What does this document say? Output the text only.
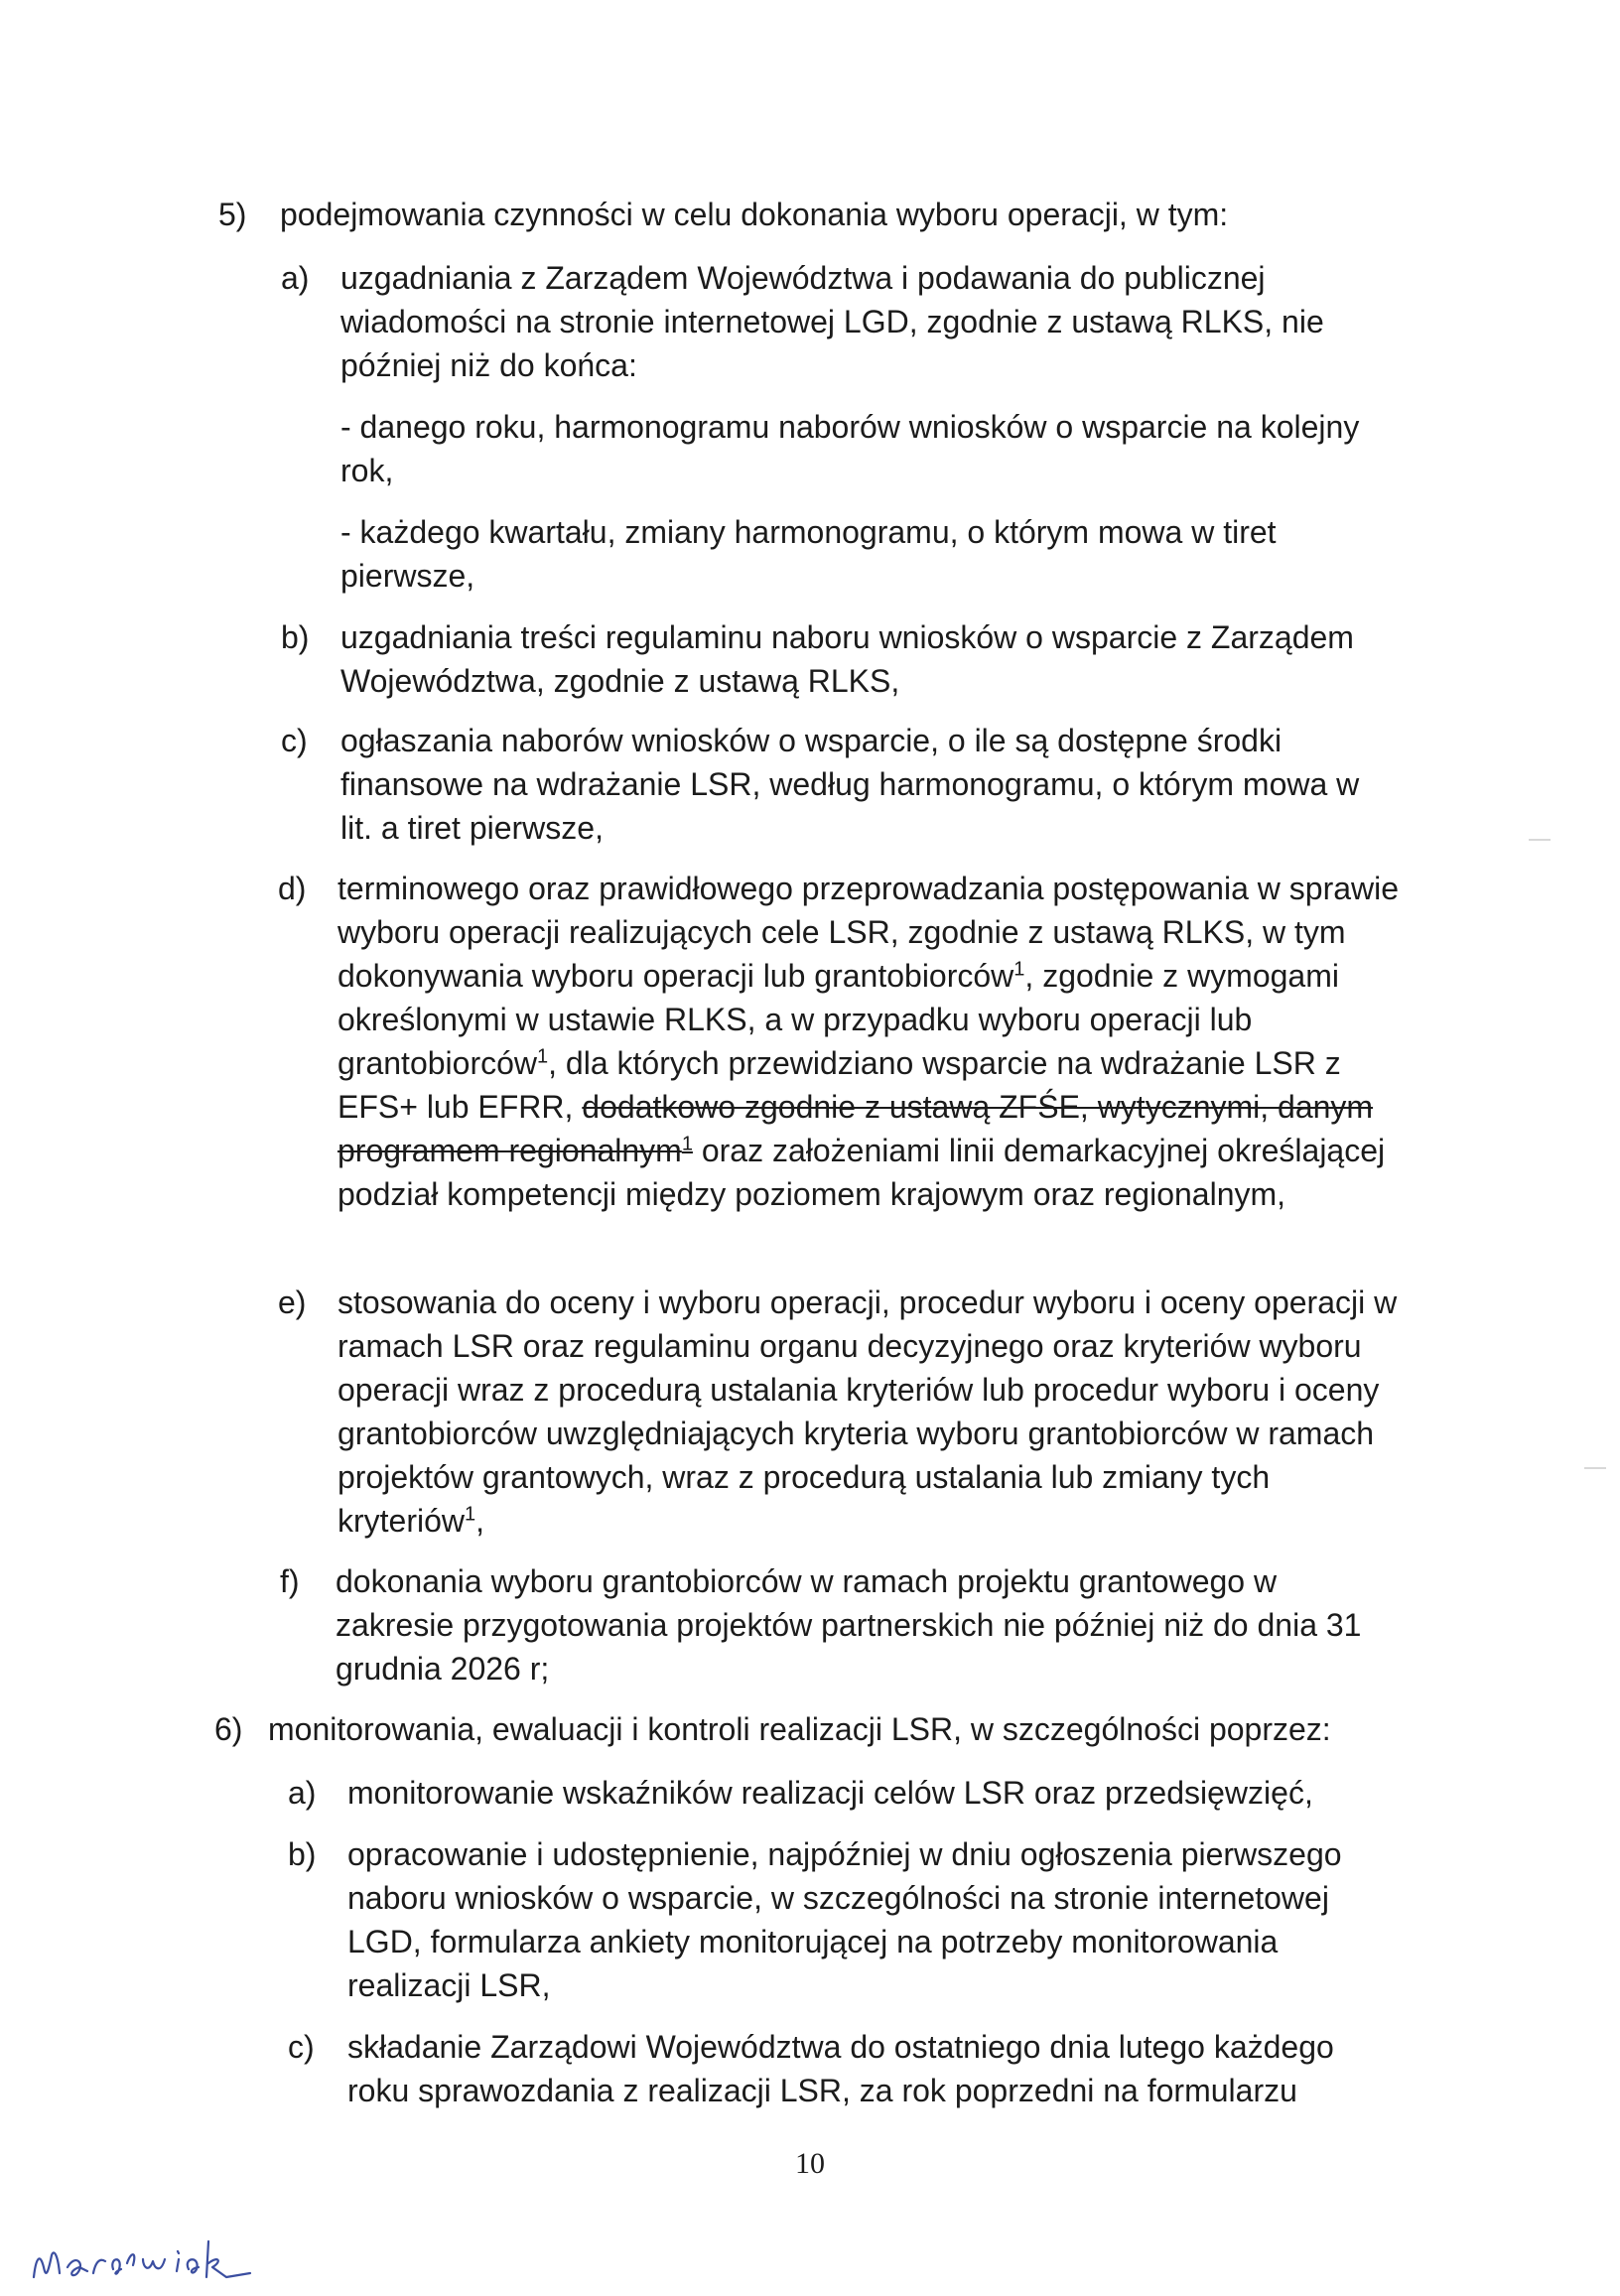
5) podejmowania czynności w celu dokonania wyboru operacji, w tym:
a) uzgadniania z Zarządem Województwa i podawania do publicznej wiadomości na stronie internetowej LGD, zgodnie z ustawą RLKS, nie później niż do końca:
- danego roku, harmonogramu naborów wniosków o wsparcie na kolejny rok,
- każdego kwartału, zmiany harmonogramu, o którym mowa w tiret pierwsze,
b) uzgadniania treści regulaminu naboru wniosków o wsparcie z Zarządem Województwa, zgodnie z ustawą RLKS,
c) ogłaszania naborów wniosków o wsparcie, o ile są dostępne środki finansowe na wdrażanie LSR, według harmonogramu, o którym mowa w lit. a tiret pierwsze,
d) terminowego oraz prawidłowego przeprowadzania postępowania w sprawie wyboru operacji realizujących cele LSR, zgodnie z ustawą RLKS, w tym dokonywania wyboru operacji lub grantobiorców$^1$, zgodnie z wymogami określonymi w ustawie RLKS, a w przypadku wyboru operacji lub grantobiorców$^1$, dla których przewidziano wsparcie na wdrażanie LSR z EFS+ lub EFRR, dodatkowo zgodnie z ustawą ZFŚE, wytycznymi, danym programem regionalnym$^1$ oraz założeniami linii demarkacyjnej określającej podział kompetencji między poziomem krajowym oraz regionalnym,
e) stosowania do oceny i wyboru operacji, procedur wyboru i oceny operacji w ramach LSR oraz regulaminu organu decyzyjnego oraz kryteriów wyboru operacji wraz z procedurą ustalania kryteriów lub procedur wyboru i oceny grantobiorców uwzględniających kryteria wyboru grantobiorców w ramach projektów grantowych, wraz z procedurą ustalania lub zmiany tych kryteriów$^1$,
f) dokonania wyboru grantobiorców w ramach projektu grantowego w zakresie przygotowania projektów partnerskich nie później niż do dnia 31 grudnia 2026 r;
6) monitorowania, ewaluacji i kontroli realizacji LSR, w szczególności poprzez:
a) monitorowanie wskaźników realizacji celów LSR oraz przedsięwzięć,
b) opracowanie i udostępnienie, najpóźniej w dniu ogłoszenia pierwszego naboru wniosków o wsparcie, w szczególności na stronie internetowej LGD, formularza ankiety monitorującej na potrzeby monitorowania realizacji LSR,
c) składanie Zarządowi Województwa do ostatniego dnia lutego każdego roku sprawozdania z realizacji LSR, za rok poprzedni na formularzu
10
